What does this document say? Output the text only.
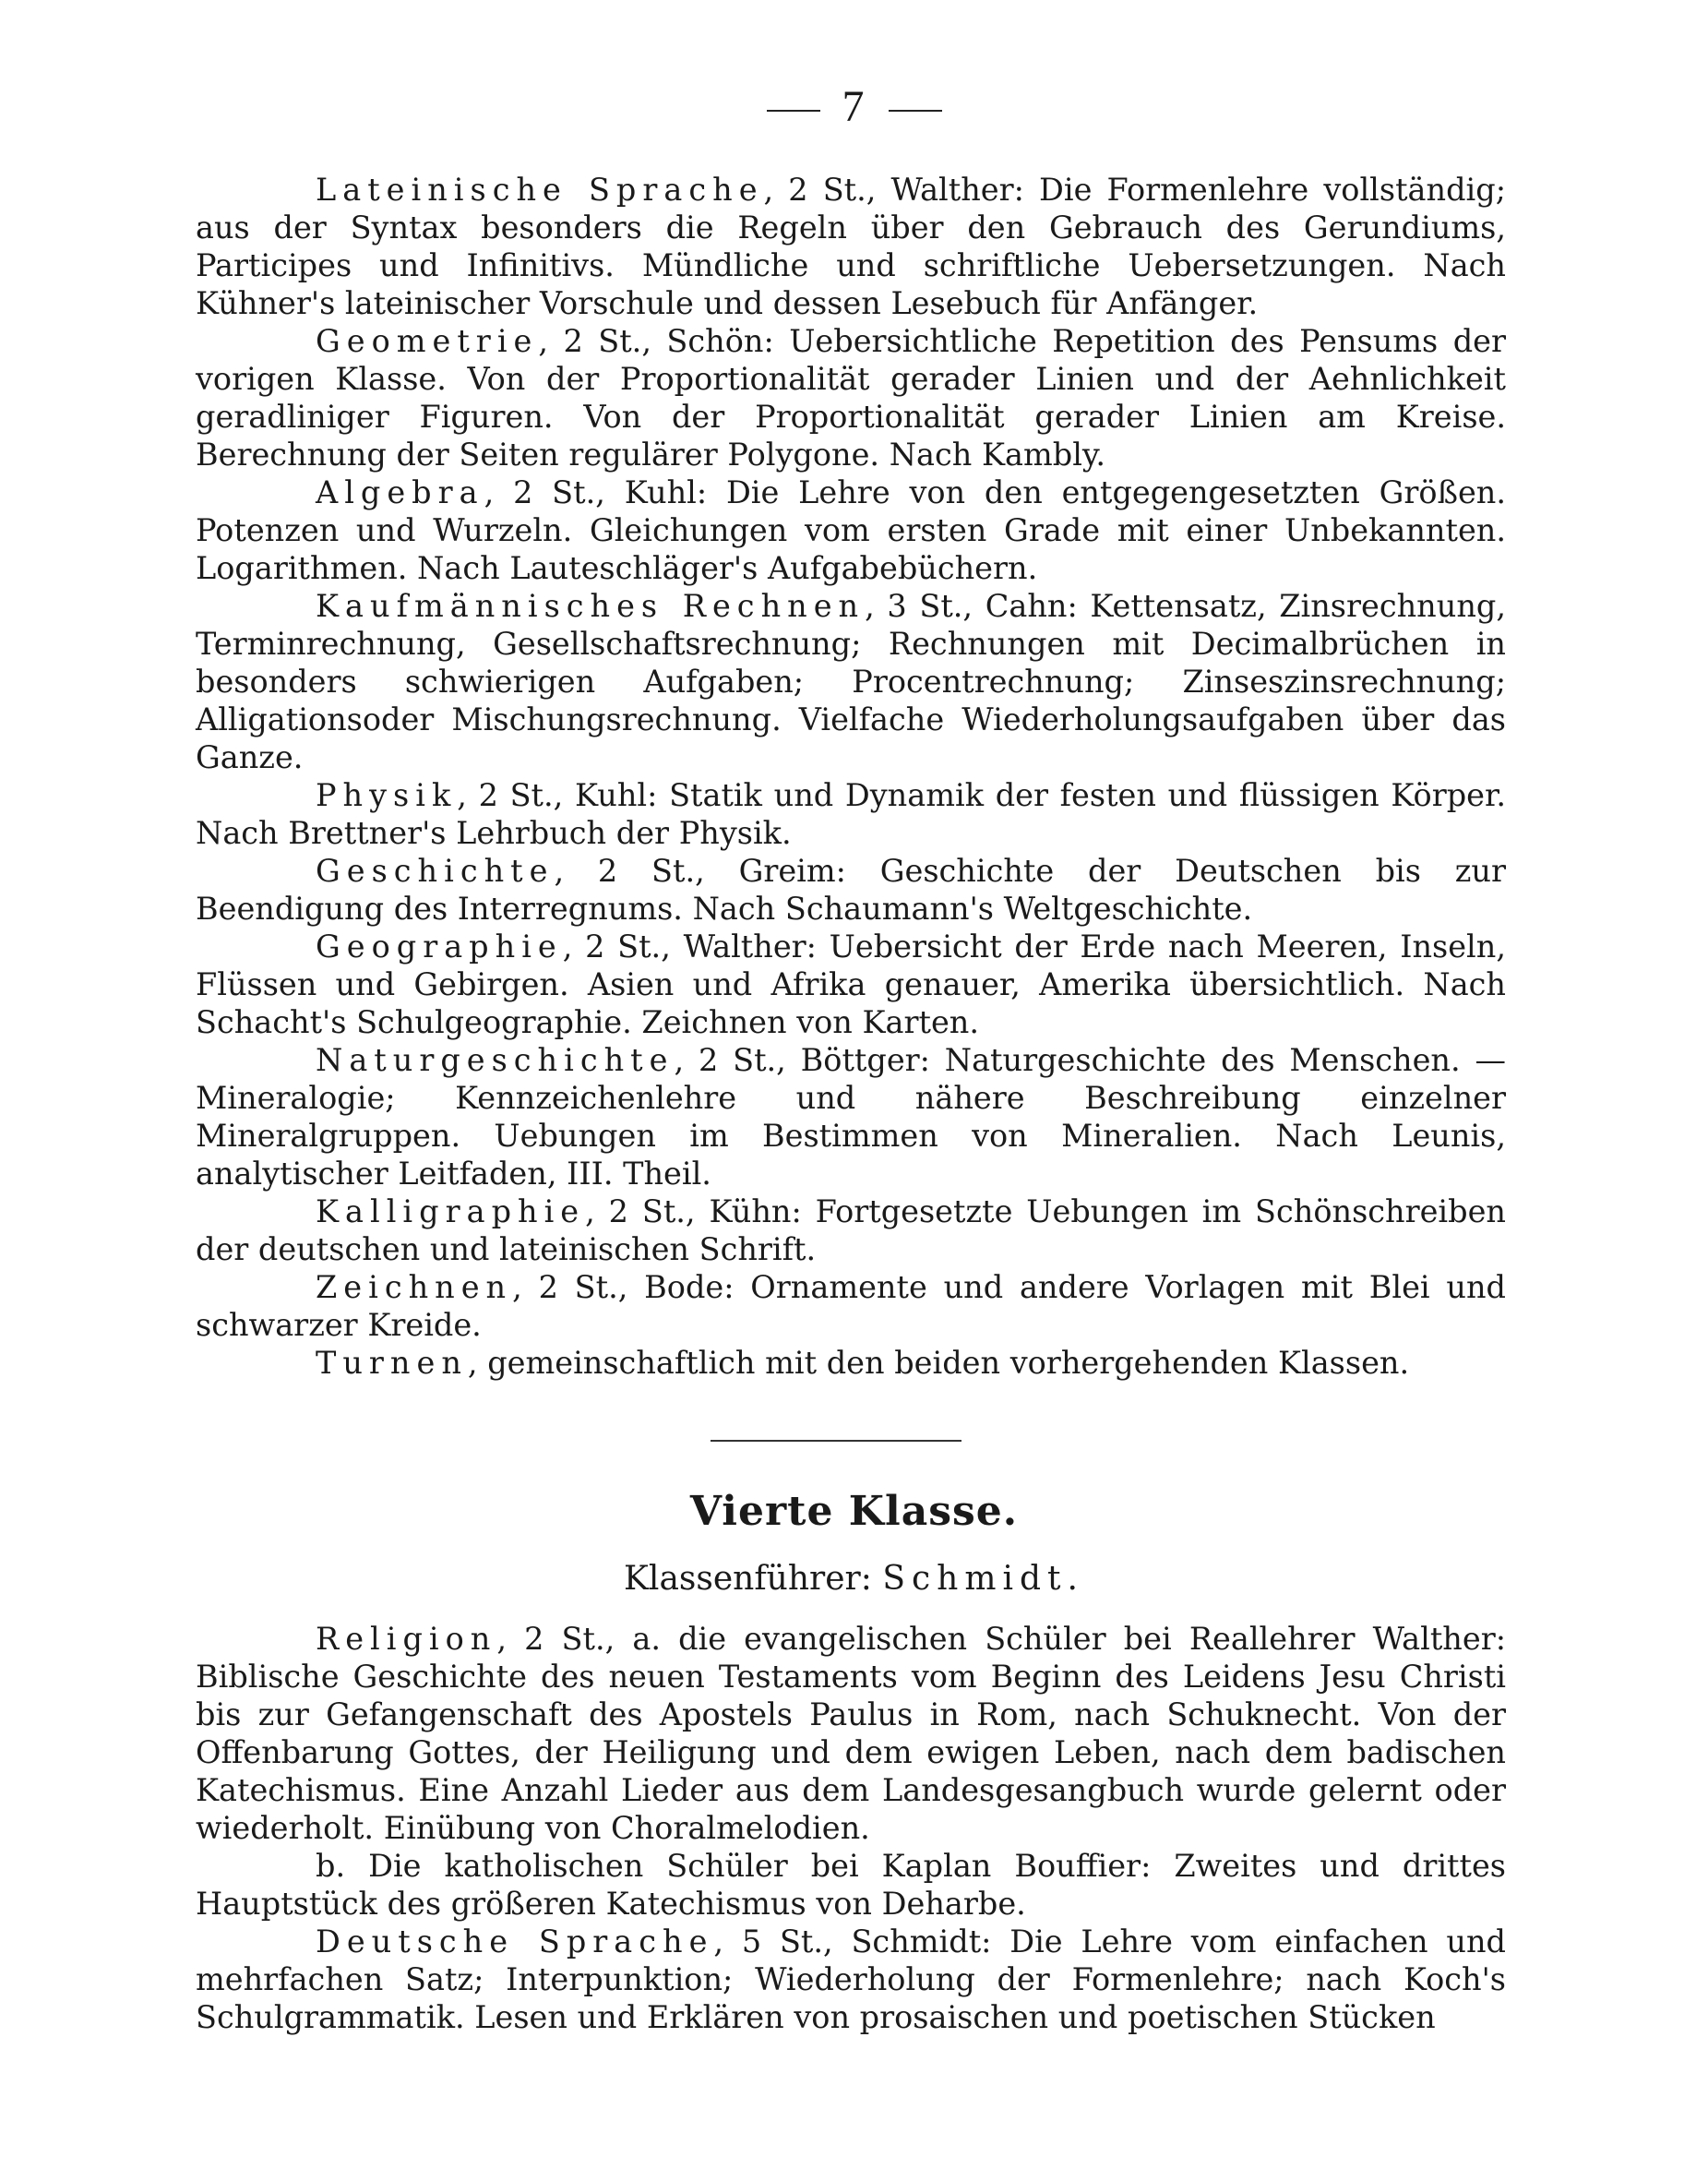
7

Lateinische Sprache, 2 St., Walther: Die Formenlehre vollständig; aus der Syntax besonders die Regeln über den Gebrauch des Gerundiums, Participes und Infinitivs. Mündliche und schriftliche Uebersetzungen. Nach Kühner's lateinischer Vorschule und dessen Lesebuch für Anfänger.

Geometrie, 2 St., Schön: Uebersichtliche Repetition des Pensums der vorigen Klasse. Von der Proportionalität gerader Linien und der Aehnlichkeit geradliniger Figuren. Von der Proportionalität gerader Linien am Kreise. Berechnung der Seiten regulärer Polygone. Nach Kambly.

Algebra, 2 St., Kuhl: Die Lehre von den entgegengesetzten Größen. Potenzen und Wurzeln. Gleichungen vom ersten Grade mit einer Unbekannten. Logarithmen. Nach Lauteschläger's Aufgabebüchern.

Kaufmännisches Rechnen, 3 St., Cahn: Kettensatz, Zinsrechnung, Terminrechnung, Gesellschaftsrechnung; Rechnungen mit Decimalbrüchen in besonders schwierigen Aufgaben; Procentrechnung; Zinseszinsrechnung; Alligationsoder Mischungsrechnung. Vielfache Wiederholungsaufgaben über das Ganze.

Physik, 2 St., Kuhl: Statik und Dynamik der festen und flüssigen Körper. Nach Brettner's Lehrbuch der Physik.

Geschichte, 2 St., Greim: Geschichte der Deutschen bis zur Beendigung des Interregnums. Nach Schaumann's Weltgeschichte.

Geographie, 2 St., Walther: Uebersicht der Erde nach Meeren, Inseln, Flüssen und Gebirgen. Asien und Afrika genauer, Amerika übersichtlich. Nach Schacht's Schulgeographie. Zeichnen von Karten.

Naturgeschichte, 2 St., Böttger: Naturgeschichte des Menschen. — Mineralogie; Kennzeichenlehre und nähere Beschreibung einzelner Mineralgruppen. Uebungen im Bestimmen von Mineralien. Nach Leunis, analytischer Leitfaden, III. Theil.

Kalligraphie, 2 St., Kühn: Fortgesetzte Uebungen im Schönschreiben der deutschen und lateinischen Schrift.

Zeichnen, 2 St., Bode: Ornamente und andere Vorlagen mit Blei und schwarzer Kreide.

Turnen, gemeinschaftlich mit den beiden vorhergehenden Klassen.

Vierte Klasse.
Klassenführer: Schmidt.

Religion, 2 St., a. die evangelischen Schüler bei Reallehrer Walther: Biblische Geschichte des neuen Testaments vom Beginn des Leidens Jesu Christi bis zur Gefangenschaft des Apostels Paulus in Rom, nach Schuknecht. Von der Offenbarung Gottes, der Heiligung und dem ewigen Leben, nach dem badischen Katechismus. Eine Anzahl Lieder aus dem Landesgesangbuch wurde gelernt oder wiederholt. Einübung von Choralmelodien.

b. Die katholischen Schüler bei Kaplan Bouffier: Zweites und drittes Hauptstück des größeren Katechismus von Deharbe.

Deutsche Sprache, 5 St., Schmidt: Die Lehre vom einfachen und mehrfachen Satz; Interpunktion; Wiederholung der Formenlehre; nach Koch's Schulgrammatik. Lesen und Erklären von prosaischen und poetischen Stücken
